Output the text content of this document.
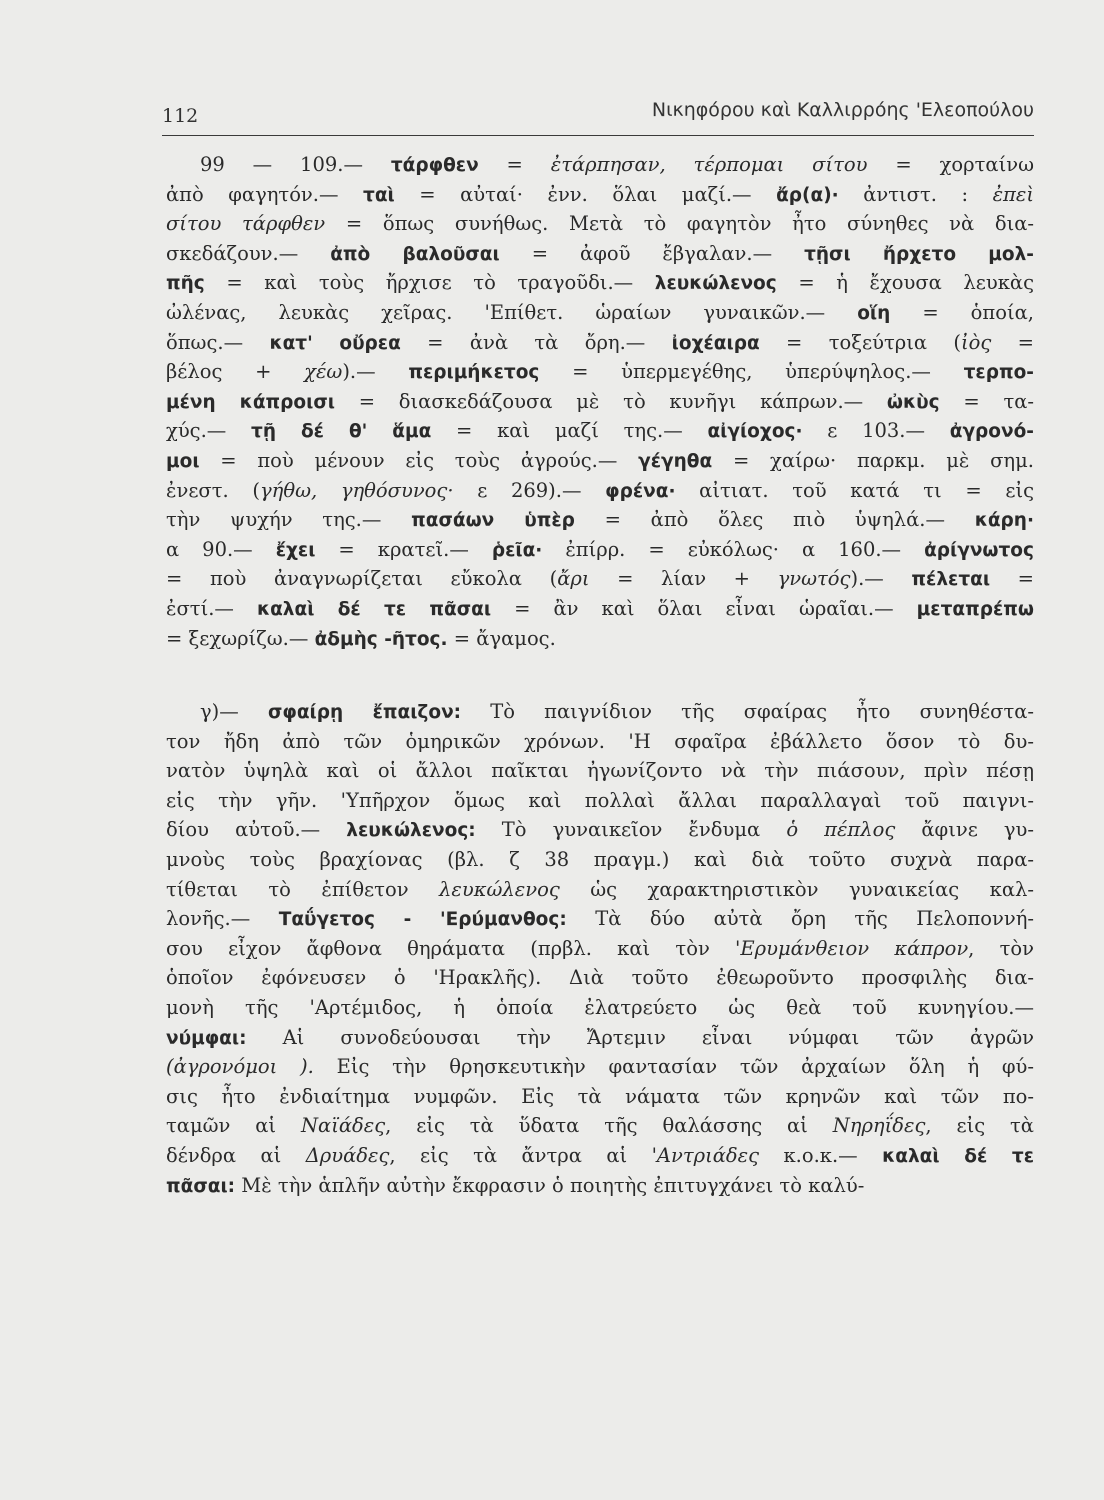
112	Νικηφόρου καὶ Καλλιρρόης 'Ελεοπούλου
99 — 109.— τάρφθεν = ἐτάρπησαν, τέρπομαι σίτου = χορταίνω
ἀπὸ φαγητόν.— ταὶ = αὐταί· ἐνν. ὅλαι μαζί.— ἄρ(α)· ἀντιστ. : ἐπεὶ
σίτου τάρφθεν = ὅπως συνήθως. Μετὰ τὸ φαγητὸν ἦτο σύνηθες νὰ δια-
σκεδάζουν.— ἀπὸ βαλοῦσαι = ἀφοῦ ἔβγαλαν.— τῇσι ἤρχετο μολ-
πῆς = καὶ τοὺς ἤρχισε τὸ τραγοῦδι.— λευκώλενος = ἡ ἔχουσα λευκὰς
ὠλένας, λευκὰς χεῖρας. 'Επίθετ. ὡραίων γυναικῶν.— οἵη = ὁποία,
ὅπως.— κατ' οὔρεα = ἀνὰ τὰ ὄρη.— ἰοχέαιρα = τοξεύτρια (ἰὸς =
βέλος + χέω).— περιμήκετος = ὑπερμεγέθης, ὑπερύψηλος.— τερπο-
μένη κάπροισι = διασκεδάζουσα μὲ τὸ κυνῆγι κάπρων.— ὠκὺς = τα-
χύς.— τῇ δέ θ' ἅμα = καὶ μαζί της.— αἰγίοχος· ε 103.— ἀγρονό-
μοι = ποὺ μένουν εἰς τοὺς ἀγρούς.— γέγηθα = χαίρω· παρκμ. μὲ σημ.
ἐνεστ. (γήθω, γηθόσυνος· ε 269).— φρένα· αἰτιατ. τοῦ κατά τι = εἰς
τὴν ψυχήν της.— πασάων ὑπὲρ = ἀπὸ ὅλες πιὸ ὑψηλά.— κάρη·
α 90.— ἔχει = κρατεῖ.— ῥεῖα· ἐπίρρ. = εὐκόλως· α 160.— ἀρίγνωτος
= ποὺ ἀναγνωρίζεται εὔκολα (ἄρι = λίαν + γνωτός).— πέλεται =
ἐστί.— καλαὶ δέ τε πᾶσαι = ἂν καὶ ὅλαι εἶναι ὡραῖαι.— μεταπρέπω
= ξεχωρίζω.— ἀδμὴς -ῆτος. = ἄγαμος.
γ)— σφαίρῃ ἔπαιζον: Τὸ παιγνίδιον τῆς σφαίρας ἦτο συνηθέστα-
τον ἤδη ἀπὸ τῶν ὁμηρικῶν χρόνων. 'Η σφαῖρα ἐβάλλετο ὅσον τὸ δυ-
νατὸν ὑψηλὰ καὶ οἱ ἄλλοι παῖκται ἠγωνίζοντο νὰ τὴν πιάσουν, πρὶν πέσῃ
εἰς τὴν γῆν. 'Υπῆρχον ὅμως καὶ πολλαὶ ἄλλαι παραλλαγαὶ τοῦ παιγνι-
δίου αὐτοῦ.— λευκώλενος: Τὸ γυναικεῖον ἔνδυμα ὁ πέπλος ἄφινε γυ-
μνοὺς τοὺς βραχίονας (βλ. ζ 38 πραγμ.) καὶ διὰ τοῦτο συχνὰ παρα-
τίθεται τὸ ἐπίθετον λευκώλενος ὡς χαρακτηριστικὸν γυναικείας καλ-
λονῆς.— Ταΰγετος - 'Ερύμανθος: Τὰ δύο αὐτὰ ὄρη τῆς Πελοποννή-
σου εἶχον ἄφθονα θηράματα (πρβλ. καὶ τὸν 'Ερυμάνθειον κάπρον, τὸν
ὁποῖον ἐφόνευσεν ὁ 'Ηρακλῆς). Διὰ τοῦτο ἐθεωροῦντο προσφιλὴς δια-
μονὴ τῆς 'Αρτέμιδος, ἡ ὁποία ἐλατρεύετο ὡς θεὰ τοῦ κυνηγίου.—
νύμφαι: Αἱ συνοδεύουσαι τὴν Ἄρτεμιν εἶναι νύμφαι τῶν ἀγρῶν
(ἀγρονόμοι ). Εἰς τὴν θρησκευτικὴν φαντασίαν τῶν ἀρχαίων ὅλη ἡ φύ-
σις ἦτο ἐνδιαίτημα νυμφῶν. Εἰς τὰ νάματα τῶν κρηνῶν καὶ τῶν πο-
ταμῶν αἱ Ναϊάδες, εἰς τὰ ὕδατα τῆς θαλάσσης αἱ Νηρηΐδες, εἰς τὰ
δένδρα αἱ Δρυάδες, εἰς τὰ ἄντρα αἱ 'Αντριάδες κ.ο.κ.— καλαὶ δέ τε
πᾶσαι: Μὲ τὴν ἁπλῆν αὐτὴν ἔκφρασιν ὁ ποιητὴς ἐπιτυγχάνει τὸ καλύ-
